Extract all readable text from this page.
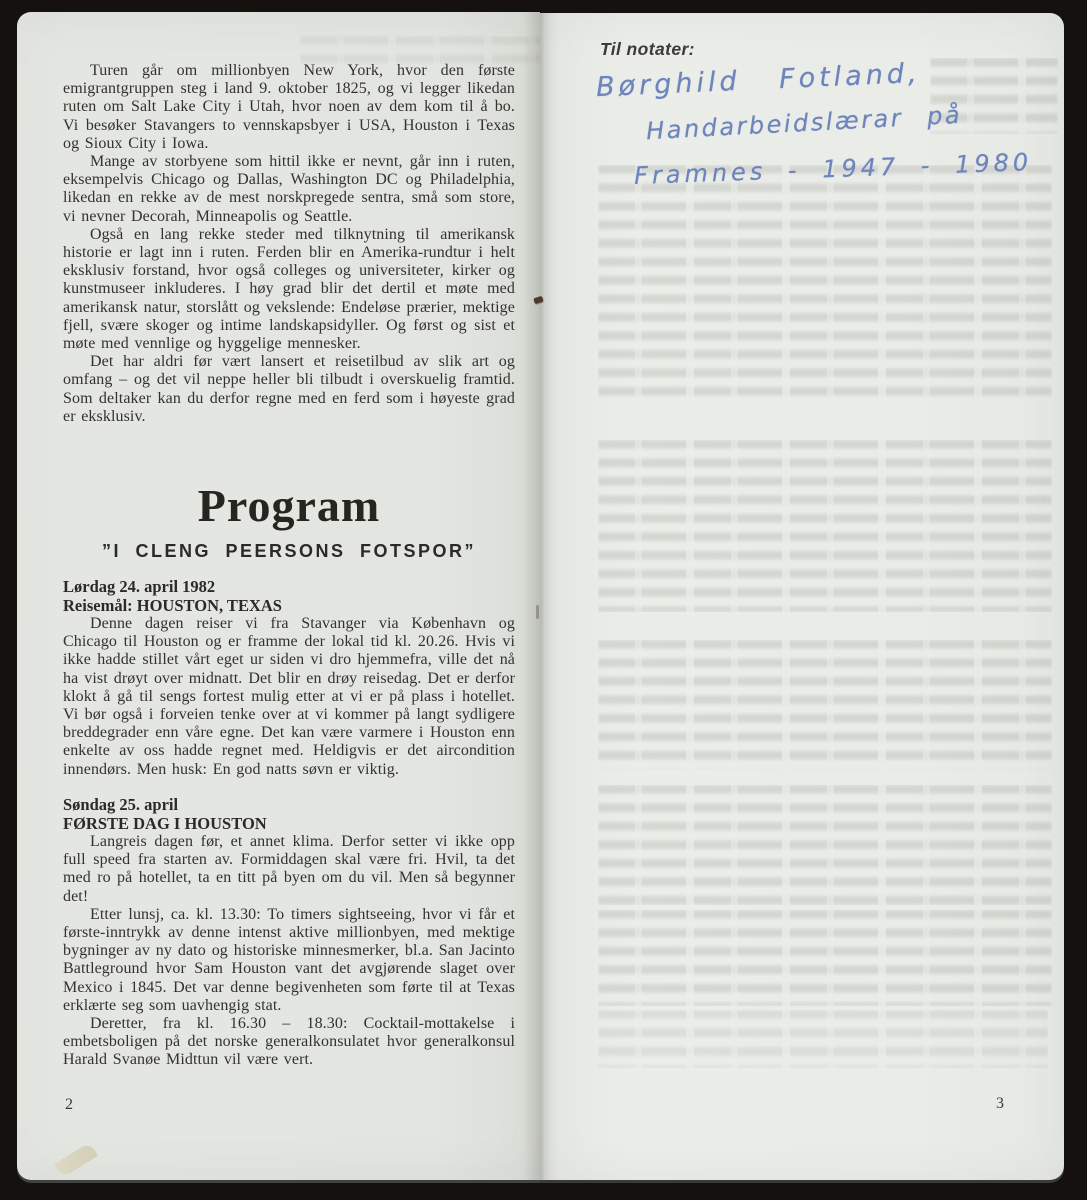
Turen går om millionbyen New York, hvor den første emigrantgruppen steg i land 9. oktober 1825, og vi legger likedan ruten om Salt Lake City i Utah, hvor noen av dem kom til å bo. Vi besøker Stavangers to vennskapsbyer i USA, Houston i Texas og Sioux City i Iowa.

Mange av storbyene som hittil ikke er nevnt, går inn i ruten, eksempelvis Chicago og Dallas, Washington DC og Philadelphia, likedan en rekke av de mest norskpregede sentra, små som store, vi nevner Decorah, Minneapolis og Seattle.

Også en lang rekke steder med tilknytning til amerikansk historie er lagt inn i ruten. Ferden blir en Amerika-rundtur i helt eksklusiv forstand, hvor også colleges og universiteter, kirker og kunstmuseer inkluderes. I høy grad blir det dertil et møte med amerikansk natur, storslått og vekslende: Endeløse prærier, mektige fjell, svære skoger og intime landskapsidyller. Og først og sist et møte med vennlige og hyggelige mennesker.

Det har aldri før vært lansert et reisetilbud av slik art og omfang – og det vil neppe heller bli tilbudt i overskuelig framtid. Som deltaker kan du derfor regne med en ferd som i høyeste grad er eksklusiv.

Program
”I CLENG PEERSONS FOTSPOR”
Lørdag 24. april 1982
Reisemål: HOUSTON, TEXAS

Denne dagen reiser vi fra Stavanger via København og Chicago til Houston og er framme der lokal tid kl. 20.26. Hvis vi ikke hadde stillet vårt eget ur siden vi dro hjemmefra, ville det nå ha vist drøyt over midnatt. Det blir en drøy reisedag. Det er derfor klokt å gå til sengs fortest mulig etter at vi er på plass i hotellet. Vi bør også i forveien tenke over at vi kommer på langt sydligere breddegrader enn våre egne. Det kan være varmere i Houston enn enkelte av oss hadde regnet med. Heldigvis er det aircondition innendørs. Men husk: En god natts søvn er viktig.

Søndag 25. april
FØRSTE DAG I HOUSTON

Langreis dagen før, et annet klima. Derfor setter vi ikke opp full speed fra starten av. Formiddagen skal være fri. Hvil, ta det med ro på hotellet, ta en titt på byen om du vil. Men så begynner det!

Etter lunsj, ca. kl. 13.30: To timers sightseeing, hvor vi får et første-inntrykk av denne intenst aktive millionbyen, med mektige bygninger av ny dato og historiske minnesmerker, bl.a. San Jacinto Battleground hvor Sam Houston vant det avgjørende slaget over Mexico i 1845. Det var denne begivenheten som førte til at Texas erklærte seg som uavhengig stat.

Deretter, fra kl. 16.30 – 18.30: Cocktail-mottakelse i embetsboligen på det norske generalkonsulatet hvor generalkonsul Harald Svanøe Midttun vil være vert.

2

Til notater:

Børghild Fotland,

Handarbeidslærar på

Framnes - 1947 - 1980

3
